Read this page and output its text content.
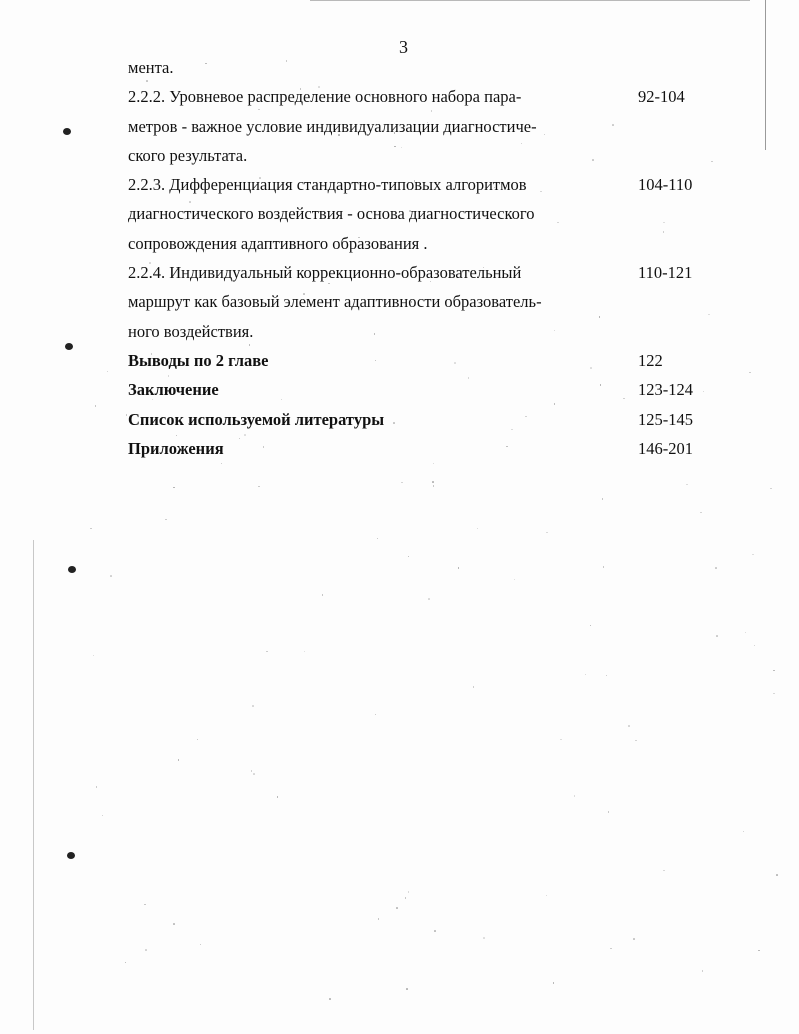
3
мента.
2.2.2. Уровневое распределение основного набора пара-	92-104
метров - важное условие индивидуализации диагностиче-
ского результата.
2.2.3. Дифференциация стандартно-типовых алгоритмов	104-110
диагностического воздействия - основа диагностического
сопровождения адаптивного образования .
2.2.4. Индивидуальный коррекционно-образовательный	110-121
маршрут как базовый элемент адаптивности образователь-
ного воздействия.
Выводы по 2 главе	122
Заключение	123-124
Список используемой литературы	125-145
Приложения	146-201
